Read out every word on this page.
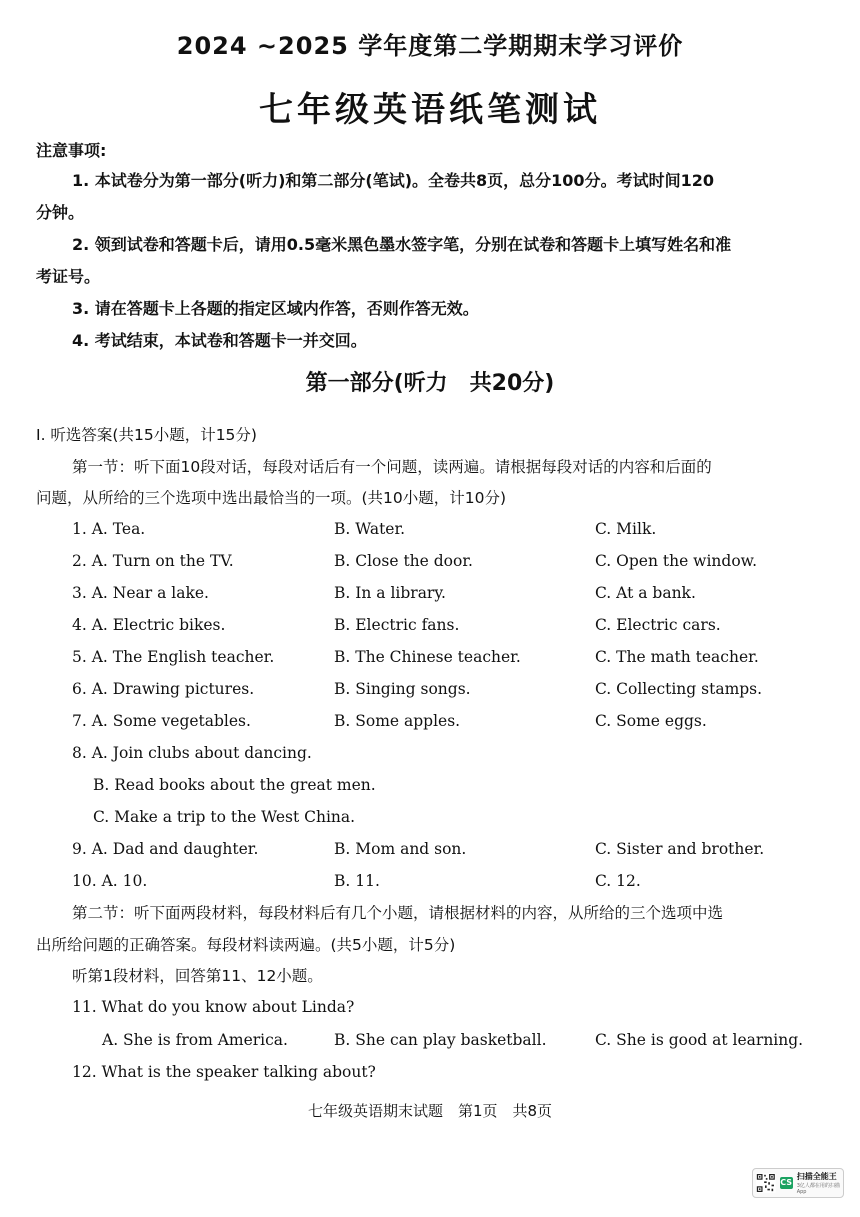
2024 ~2025 学年度第二学期期末学习评价
七年级英语纸笔测试
注意事项:
1. 本试卷分为第一部分(听力)和第二部分(笔试)。全卷共8页，总分100分。考试时间120
分钟。
2. 领到试卷和答题卡后，请用0.5毫米黑色墨水签字笔，分别在试卷和答题卡上填写姓名和准
考证号。
3. 请在答题卡上各题的指定区域内作答，否则作答无效。
4. 考试结束，本试卷和答题卡一并交回。
第一部分(听力　共20分)
Ⅰ. 听选答案(共15小题，计15分)
第一节：听下面10段对话，每段对话后有一个问题，读两遍。请根据每段对话的内容和后面的
问题，从所给的三个选项中选出最恰当的一项。(共10小题，计10分)
1. A. Tea.	B. Water.	C. Milk.
2. A. Turn on the TV.	B. Close the door.	C. Open the window.
3. A. Near a lake.	B. In a library.	C. At a bank.
4. A. Electric bikes.	B. Electric fans.	C. Electric cars.
5. A. The English teacher.	B. The Chinese teacher.	C. The math teacher.
6. A. Drawing pictures.	B. Singing songs.	C. Collecting stamps.
7. A. Some vegetables.	B. Some apples.	C. Some eggs.
8. A. Join clubs about dancing.
B. Read books about the great men.
C. Make a trip to the West China.
9. A. Dad and daughter.	B. Mom and son.	C. Sister and brother.
10. A. 10.	B. 11.	C. 12.
第二节：听下面两段材料，每段材料后有几个小题，请根据材料的内容，从所给的三个选项中选
出所给问题的正确答案。每段材料读两遍。(共5小题，计5分)
听第1段材料，回答第11、12小题。
11. What do you know about Linda?
A. She is from America.	B. She can play basketball.	C. She is good at learning.
12. What is the speaker talking about?
七年级英语期末试题　第1页　共8页
CS
扫描全能王
3亿人都在用的扫描App
